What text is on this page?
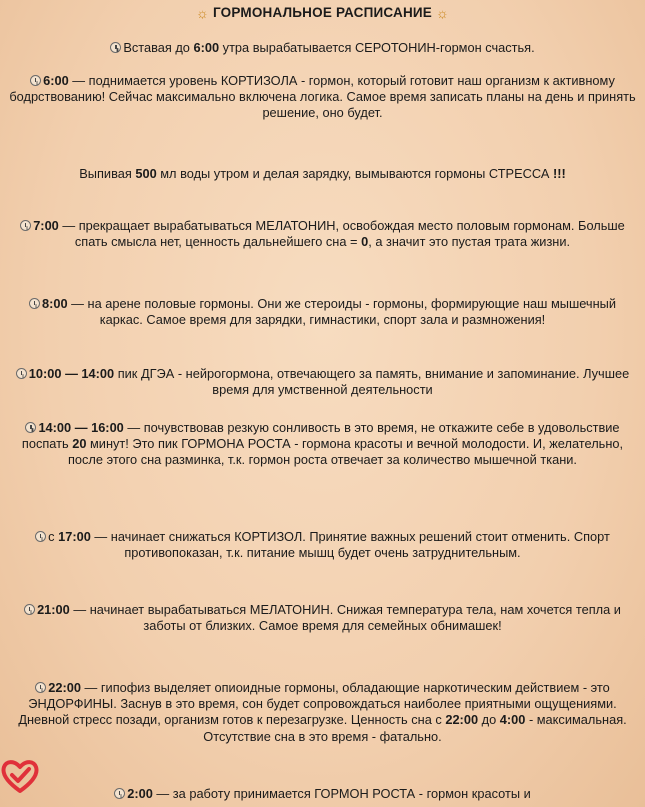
☼ ГОРМОНАЛЬНОЕ РАСПИСАНИЕ ☼
Вставая до 6:00 утра вырабатывается СЕРОТОНИН-гормон счастья.
6:00 — поднимается уровень КОРТИЗОЛА - гормон, который готовит наш организм к активному бодрствованию! Сейчас максимально включена логика. Самое время записать планы на день и принять решение, оно будет.
Выпивая 500 мл воды утром и делая зарядку, вымываются гормоны СТРЕССА !!!
7:00 — прекращает вырабатываться МЕЛАТОНИН, освобождая место половым гормонам. Больше спать смысла нет, ценность дальнейшего сна = 0, а значит это пустая трата жизни.
8:00 — на арене половые гормоны. Они же стероиды - гормоны, формирующие наш мышечный каркас. Самое время для зарядки, гимнастики, спорт зала и размножения!
10:00 — 14:00 пик ДГЭА - нейрогормона, отвечающего за память, внимание и запоминание. Лучшее время для умственной деятельности
14:00 — 16:00 — почувствовав резкую сонливость в это время, не откажите себе в удовольствие поспать 20 минут! Это пик ГОРМОНА РОСТА - гормона красоты и вечной молодости. И, желательно, после этого сна разминка, т.к. гормон роста отвечает за количество мышечной ткани.
с 17:00 — начинает снижаться КОРТИЗОЛ. Принятие важных решений стоит отменить. Спорт противопоказан, т.к. питание мышц будет очень затруднительным.
21:00 — начинает вырабатываться МЕЛАТОНИН. Снижая температура тела, нам хочется тепла и заботы от близких. Самое время для семейных обнимашек!
22:00 — гипофиз выделяет опиоидные гормоны, обладающие наркотическим действием - это ЭНДОРФИНЫ. Заснув в это время, сон будет сопровождаться наиболее приятными ощущениями. Дневной стресс позади, организм готов к перезагрузке. Ценность сна с 22:00 до 4:00 - максимальная. Отсутствие сна в это время - фатально.
2:00 — за работу принимается ГОРМОН РОСТА - гормон красоты и
